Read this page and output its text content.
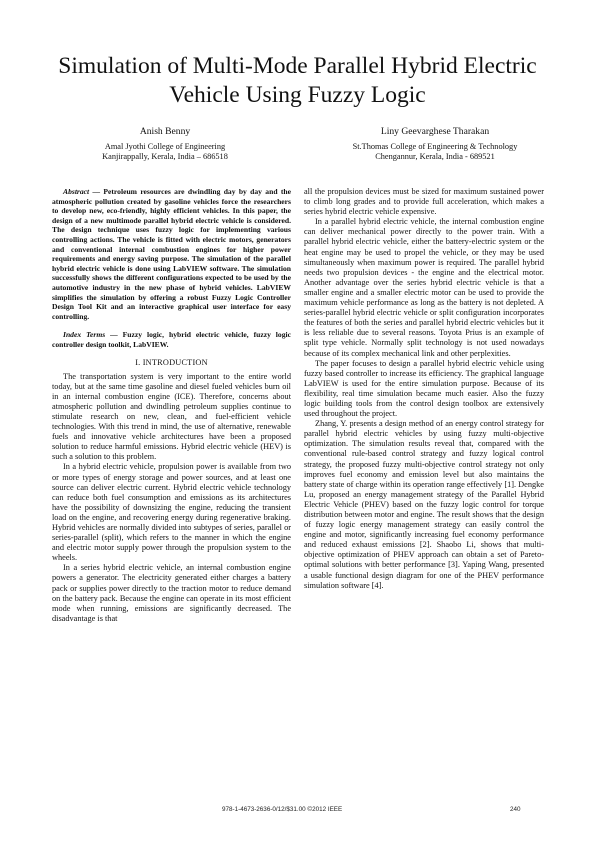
Simulation of Multi-Mode Parallel Hybrid Electric
Vehicle Using Fuzzy Logic
Anish Benny
Amal Jyothi College of Engineering
Kanjirappally, Kerala, India – 686518
Liny Geevarghese Tharakan
St.Thomas College of Engineering & Technology
Chengannur, Kerala, India - 689521

Abstract — Petroleum resources are dwindling day by day and the atmospheric pollution created by gasoline vehicles force the researchers to develop new, eco-friendly, highly efficient vehicles. In this paper, the design of a new multimode parallel hybrid electric vehicle is considered. The design technique uses fuzzy logic for implementing various controlling actions. The vehicle is fitted with electric motors, generators and conventional internal combustion engines for higher power requirements and energy saving purpose. The simulation of the parallel hybrid electric vehicle is done using LabVIEW software. The simulation successfully shows the different configurations expected to be used by the automotive industry in the new phase of hybrid vehicles. LabVIEW simplifies the simulation by offering a robust Fuzzy Logic Controller Design Tool Kit and an interactive graphical user interface for easy controlling.

Index Terms — Fuzzy logic, hybrid electric vehicle, fuzzy logic controller design toolkit, LabVIEW.

I. INTRODUCTION

The transportation system is very important to the entire world today, but at the same time gasoline and diesel fueled vehicles burn oil in an internal combustion engine (ICE). Therefore, concerns about atmospheric pollution and dwindling petroleum supplies continue to stimulate research on new, clean, and fuel-efficient vehicle technologies. With this trend in mind, the use of alternative, renewable fuels and innovative vehicle architectures have been a proposed solution to reduce harmful emissions. Hybrid electric vehicle (HEV) is such a solution to this problem.

In a hybrid electric vehicle, propulsion power is available from two or more types of energy storage and power sources, and at least one source can deliver electric current. Hybrid electric vehicle technology can reduce both fuel consumption and emissions as its architectures have the possibility of downsizing the engine, reducing the transient load on the engine, and recovering energy during regenerative braking. Hybrid vehicles are normally divided into subtypes of series, parallel or series-parallel (split), which refers to the manner in which the engine and electric motor supply power through the propulsion system to the wheels.

In a series hybrid electric vehicle, an internal combustion engine powers a generator. The electricity generated either charges a battery pack or supplies power directly to the traction motor to reduce demand on the battery pack. Because the engine can operate in its most efficient mode when running, emissions are significantly decreased. The disadvantage is that

all the propulsion devices must be sized for maximum sustained power to climb long grades and to provide full acceleration, which makes a series hybrid electric vehicle expensive.

In a parallel hybrid electric vehicle, the internal combustion engine can deliver mechanical power directly to the power train. With a parallel hybrid electric vehicle, either the battery-electric system or the heat engine may be used to propel the vehicle, or they may be used simultaneously when maximum power is required. The parallel hybrid needs two propulsion devices - the engine and the electrical motor. Another advantage over the series hybrid electric vehicle is that a smaller engine and a smaller electric motor can be used to provide the maximum vehicle performance as long as the battery is not depleted. A series-parallel hybrid electric vehicle or split configuration incorporates the features of both the series and parallel hybrid electric vehicles but it is less reliable due to several reasons. Toyota Prius is an example of split type vehicle. Normally split technology is not used nowadays because of its complex mechanical link and other perplexities.

The paper focuses to design a parallel hybrid electric vehicle using fuzzy based controller to increase its efficiency. The graphical language LabVIEW is used for the entire simulation purpose. Because of its flexibility, real time simulation became much easier. Also the fuzzy logic building tools from the control design toolbox are extensively used throughout the project.

Zhang, Y. presents a design method of an energy control strategy for parallel hybrid electric vehicles by using fuzzy multi-objective optimization. The simulation results reveal that, compared with the conventional rule-based control strategy and fuzzy logical control strategy, the proposed fuzzy multi-objective control strategy not only improves fuel economy and emission level but also maintains the battery state of charge within its operation range effectively [1]. Dengke Lu, proposed an energy management strategy of the Parallel Hybrid Electric Vehicle (PHEV) based on the fuzzy logic control for torque distribution between motor and engine. The result shows that the design of fuzzy logic energy management strategy can easily control the engine and motor, significantly increasing fuel economy performance and reduced exhaust emissions [2]. Shaobo Li, shows that multi-objective optimization of PHEV approach can obtain a set of Pareto-optimal solutions with better performance [3]. Yaping Wang, presented a usable functional design diagram for one of the PHEV performance simulation software [4].

978-1-4673-2636-0/12/$31.00 ©2012 IEEE	240
